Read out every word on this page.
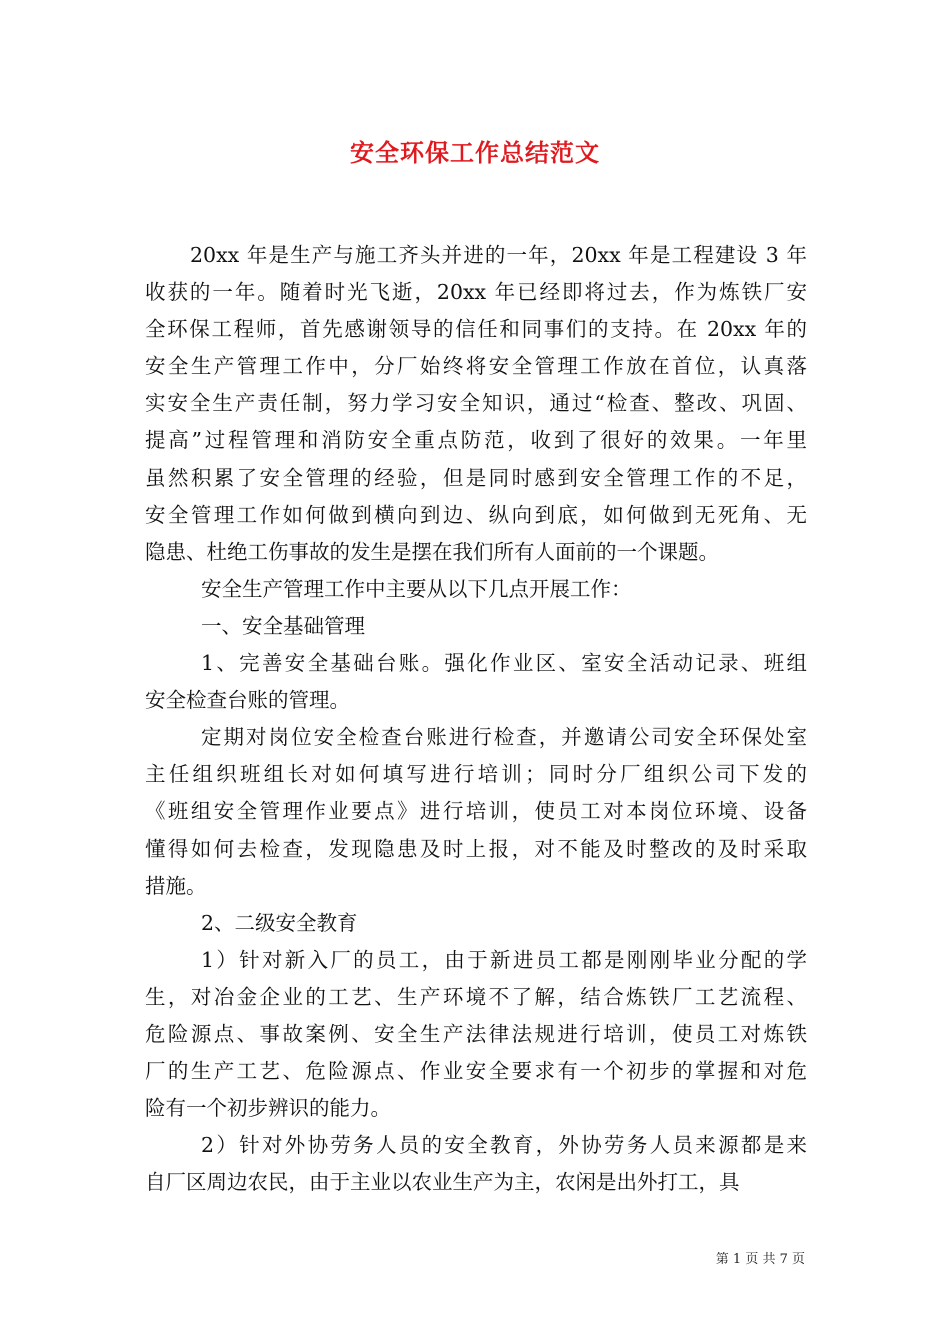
安全环保工作总结范文
20xx 年是生产与施工齐头并进的一年，20xx 年是工程建设 3 年
收获的一年。随着时光飞逝，20xx 年已经即将过去，作为炼铁厂安
全环保工程师，首先感谢领导的信任和同事们的支持。在 20xx 年的
安全生产管理工作中，分厂始终将安全管理工作放在首位，认真落
实安全生产责任制，努力学习安全知识，通过“检查、整改、巩固、
提高”过程管理和消防安全重点防范，收到了很好的效果。一年里
虽然积累了安全管理的经验，但是同时感到安全管理工作的不足，
安全管理工作如何做到横向到边、纵向到底，如何做到无死角、无
隐患、杜绝工伤事故的发生是摆在我们所有人面前的一个课题。
安全生产管理工作中主要从以下几点开展工作：
一、安全基础管理
1、完善安全基础台账。强化作业区、室安全活动记录、班组
安全检查台账的管理。
定期对岗位安全检查台账进行检查，并邀请公司安全环保处室
主任组织班组长对如何填写进行培训；同时分厂组织公司下发的
《班组安全管理作业要点》进行培训，使员工对本岗位环境、设备
懂得如何去检查，发现隐患及时上报，对不能及时整改的及时采取
措施。
2、二级安全教育
1）针对新入厂的员工，由于新进员工都是刚刚毕业分配的学
生，对冶金企业的工艺、生产环境不了解，结合炼铁厂工艺流程、
危险源点、事故案例、安全生产法律法规进行培训，使员工对炼铁
厂的生产工艺、危险源点、作业安全要求有一个初步的掌握和对危
险有一个初步辨识的能力。
2）针对外协劳务人员的安全教育，外协劳务人员来源都是来
自厂区周边农民，由于主业以农业生产为主，农闲是出外打工，具
第 1 页 共 7 页
